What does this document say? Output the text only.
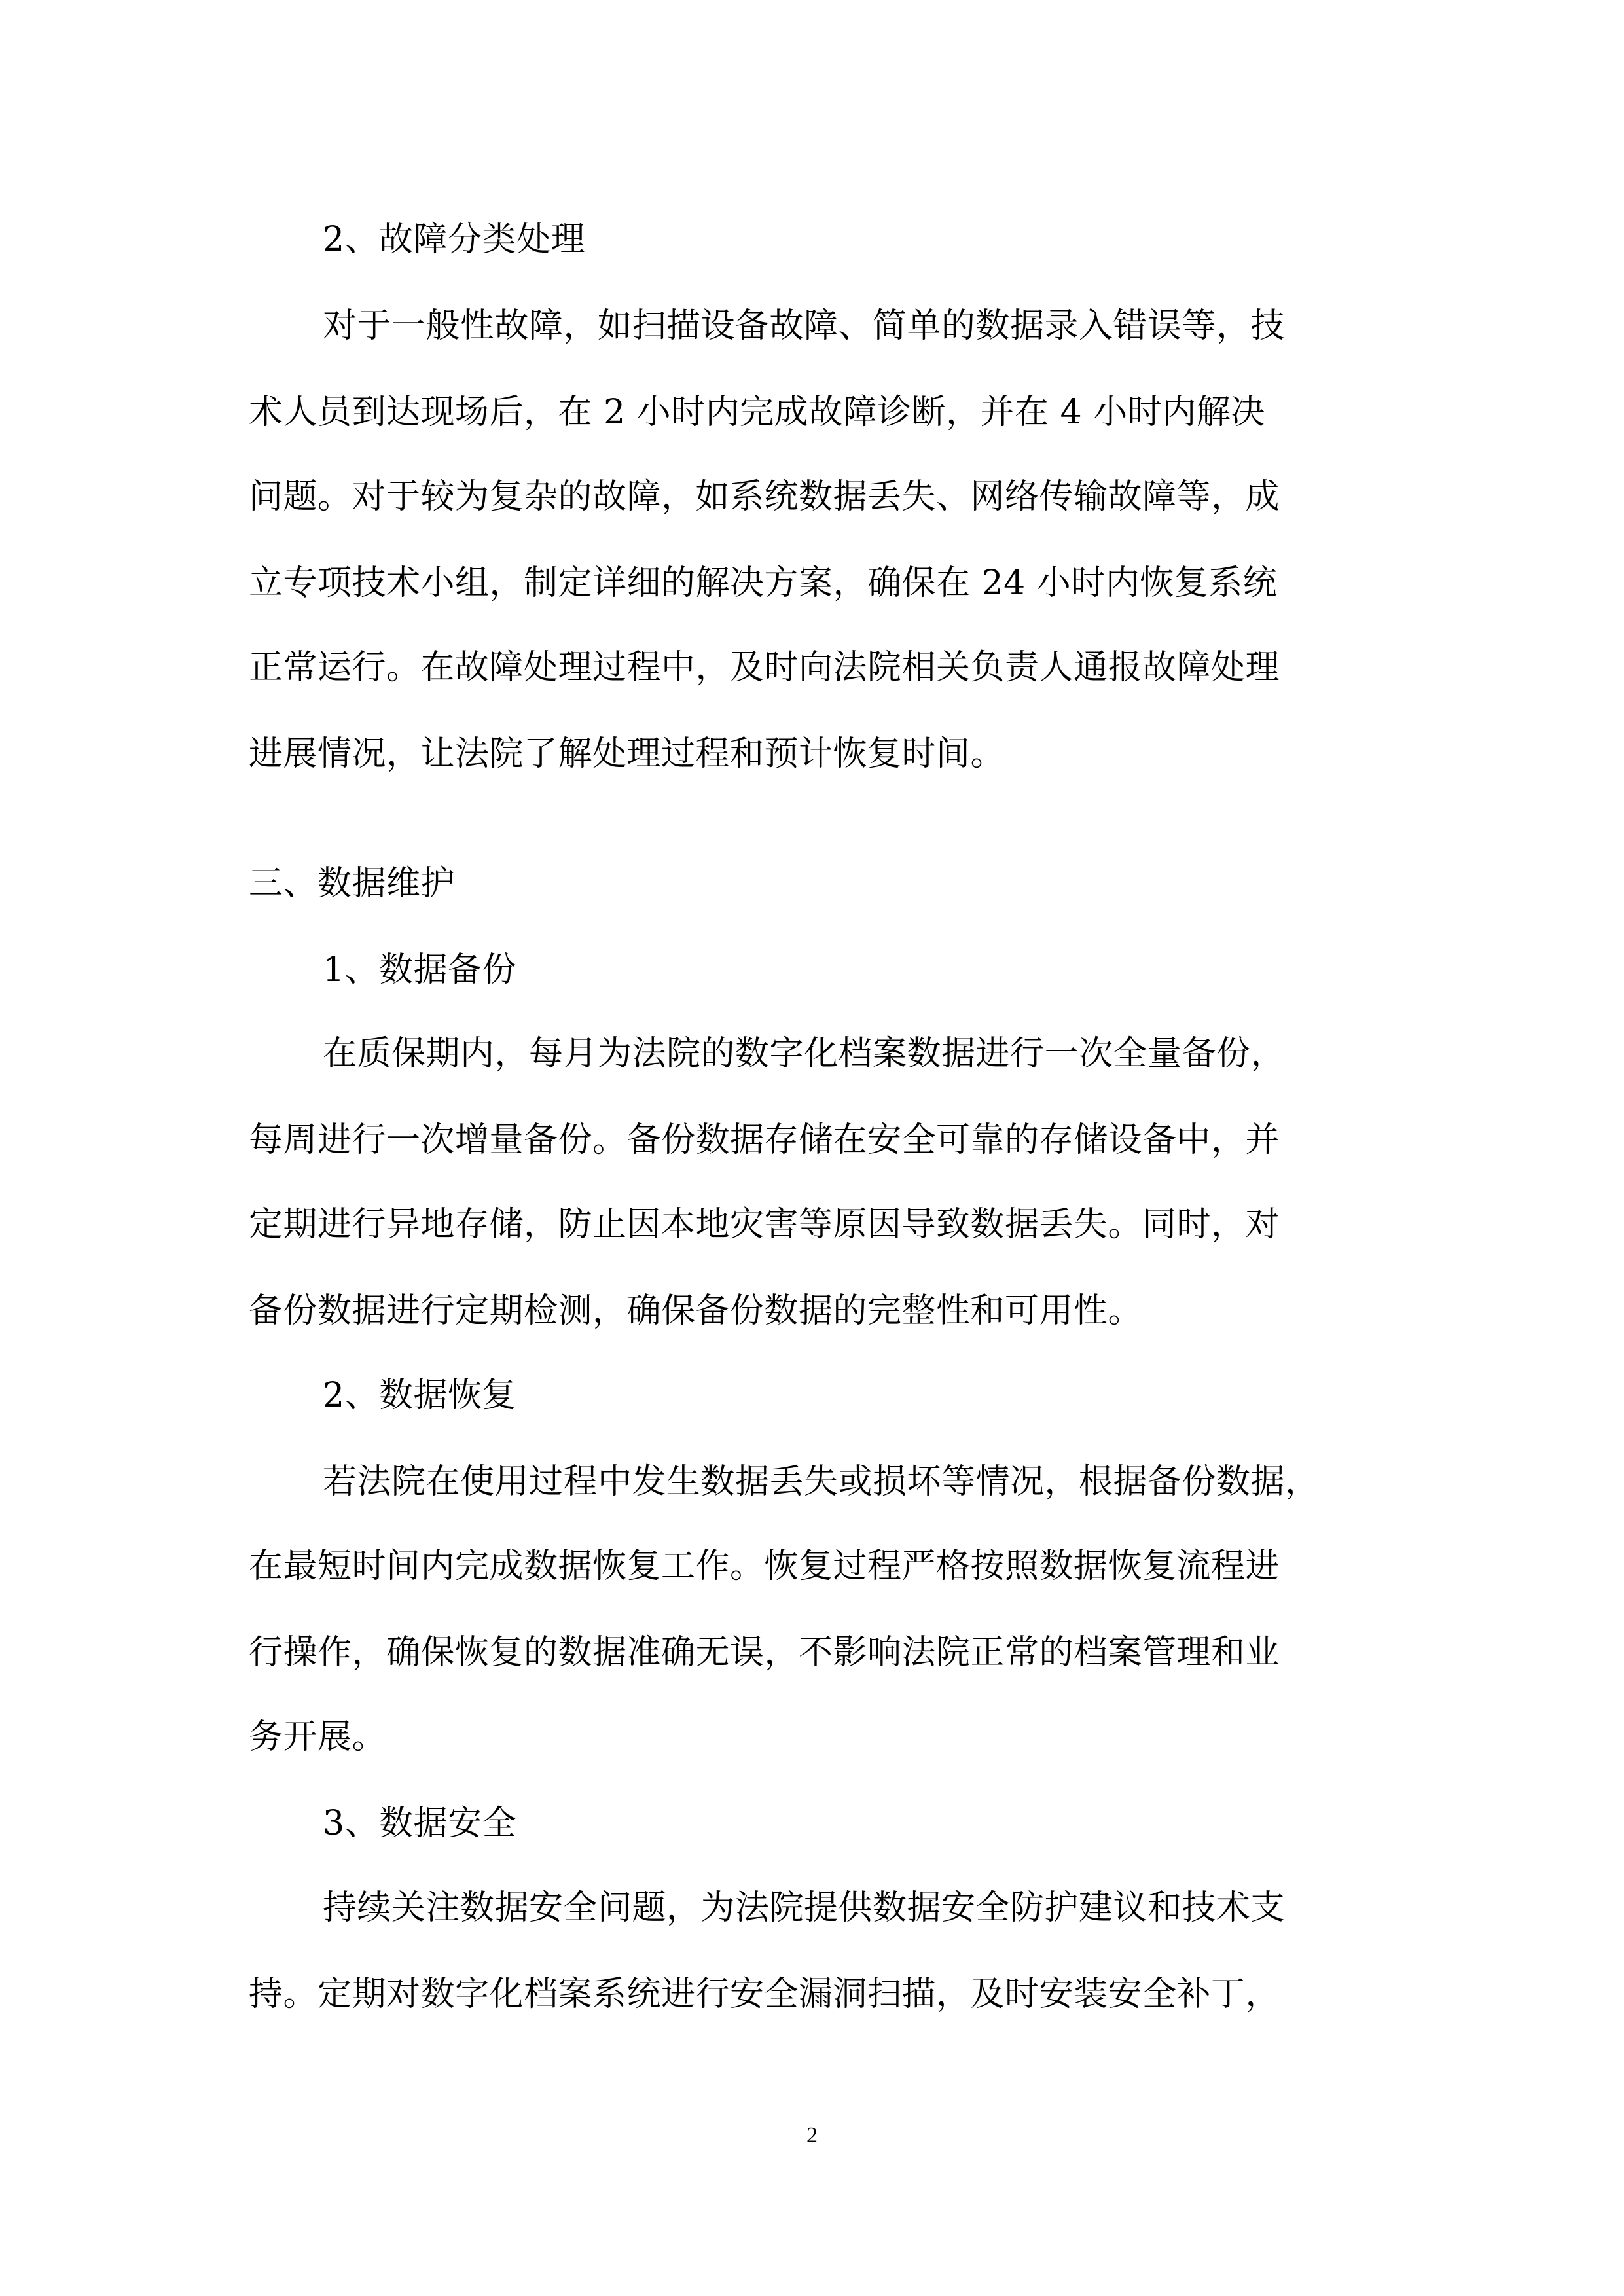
2、故障分类处理
对于一般性故障，如扫描设备故障、简单的数据录入错误等，技
术人员到达现场后，在 2 小时内完成故障诊断，并在 4 小时内解决
问题。对于较为复杂的故障，如系统数据丢失、网络传输故障等，成
立专项技术小组，制定详细的解决方案，确保在 24 小时内恢复系统
正常运行。在故障处理过程中，及时向法院相关负责人通报故障处理
进展情况，让法院了解处理过程和预计恢复时间。
三、数据维护
1、数据备份
在质保期内，每月为法院的数字化档案数据进行一次全量备份，
每周进行一次增量备份。备份数据存储在安全可靠的存储设备中，并
定期进行异地存储，防止因本地灾害等原因导致数据丢失。同时，对
备份数据进行定期检测，确保备份数据的完整性和可用性。
2、数据恢复
若法院在使用过程中发生数据丢失或损坏等情况，根据备份数据，
在最短时间内完成数据恢复工作。恢复过程严格按照数据恢复流程进
行操作，确保恢复的数据准确无误，不影响法院正常的档案管理和业
务开展。
3、数据安全
持续关注数据安全问题，为法院提供数据安全防护建议和技术支
持。定期对数字化档案系统进行安全漏洞扫描，及时安装安全补丁，
2
